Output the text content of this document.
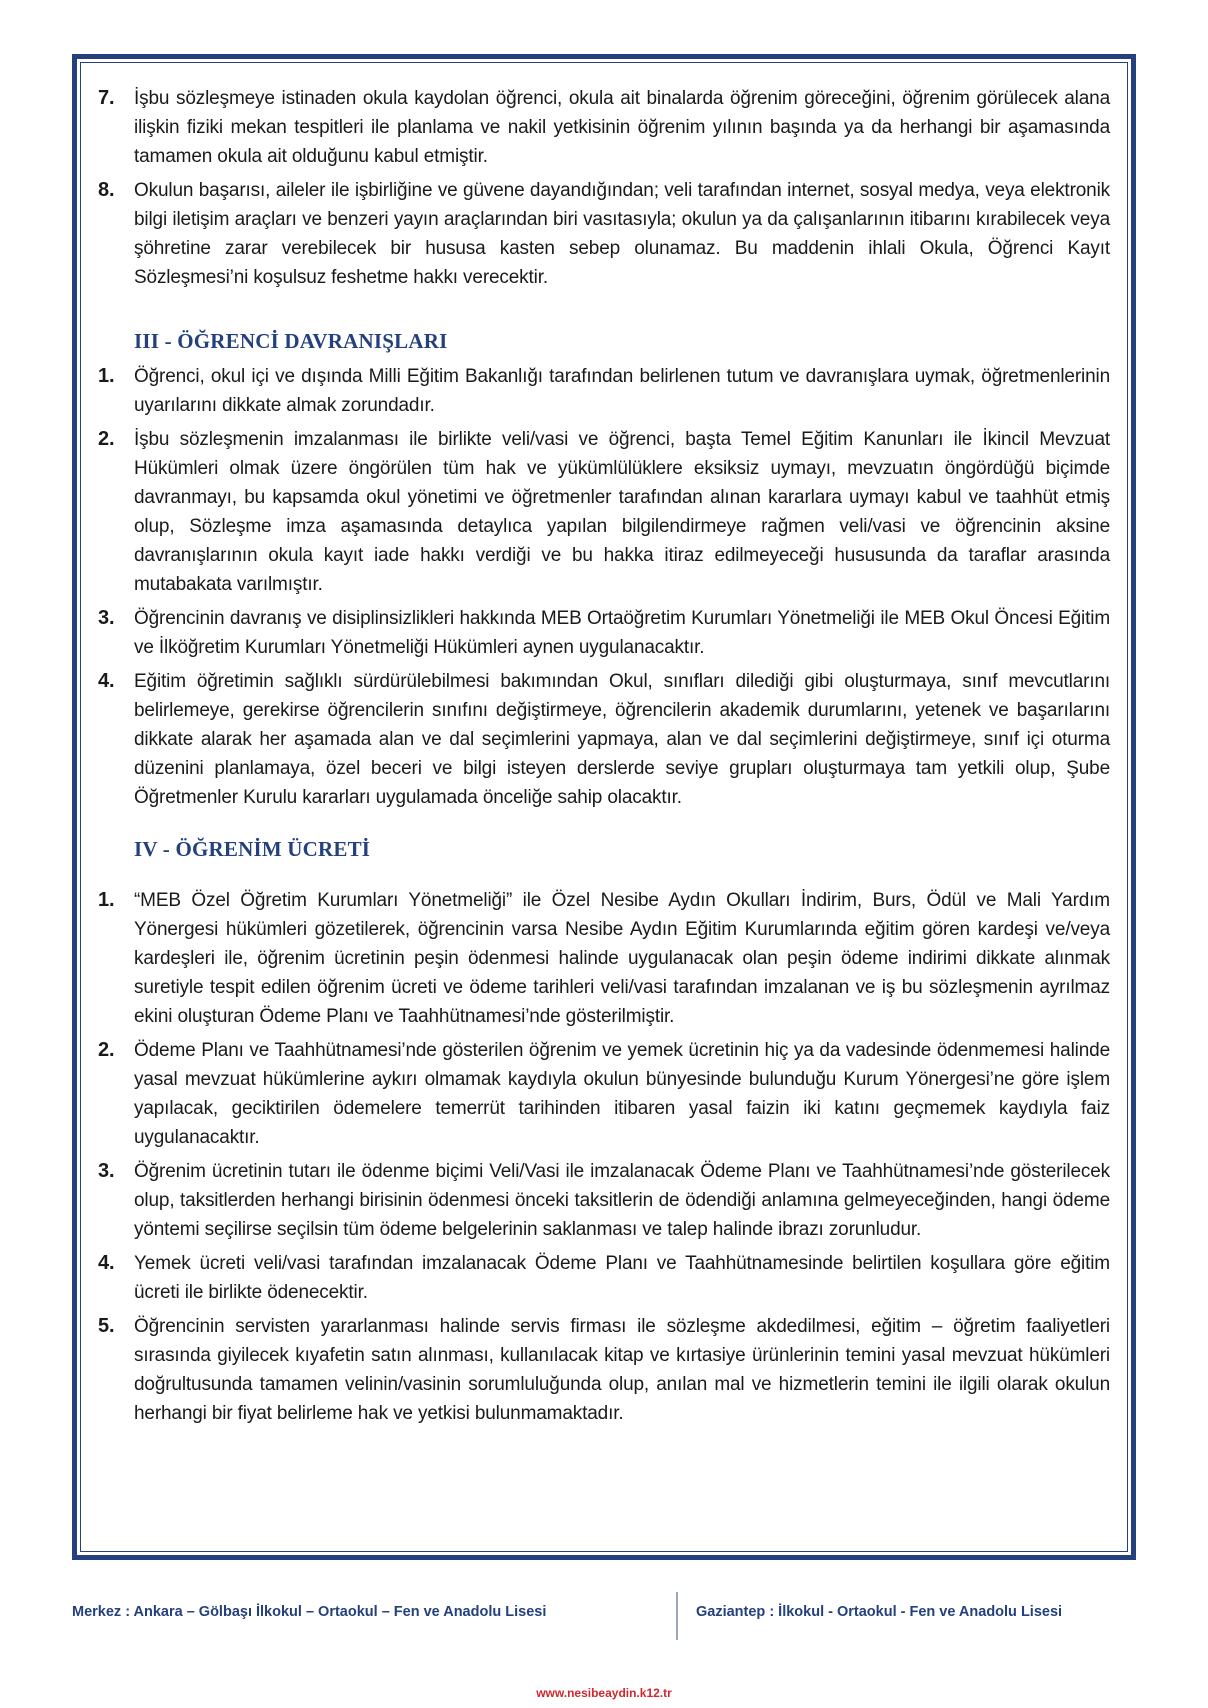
7.	İşbu sözleşmeye istinaden okula kaydolan öğrenci, okula ait binalarda öğrenim göreceğini, öğrenim görülecek alana ilişkin fiziki mekan tespitleri ile planlama ve nakil yetkisinin öğrenim yılının başında ya da herhangi bir aşamasında tamamen okula ait olduğunu kabul etmiştir.
8.	Okulun başarısı, aileler ile işbirliğine ve güvene dayandığından; veli tarafından internet, sosyal medya, veya elektronik bilgi iletişim araçları ve benzeri yayın araçlarından biri vasıtasıyla; okulun ya da çalışanlarının itibarını kırabilecek veya şöhretine zarar verebilecek bir hususa kasten sebep olunamaz. Bu maddenin ihlali Okula, Öğrenci Kayıt Sözleşmesi’ni koşulsuz feshetme hakkı verecektir.
III - ÖĞRENCİ DAVRANIŞLARI
1.	Öğrenci, okul içi ve dışında Milli Eğitim Bakanlığı tarafından belirlenen tutum ve davranışlara uymak, öğretmenlerinin uyarılarını dikkate almak zorundadır.
2.	İşbu sözleşmenin imzalanması ile birlikte veli/vasi ve öğrenci, başta Temel Eğitim Kanunları ile İkincil Mevzuat Hükümleri olmak üzere öngörülen tüm hak ve yükümlülüklere eksiksiz uymayı, mevzuatın öngördüğü biçimde davranmayı, bu kapsamda okul yönetimi ve öğretmenler tarafından alınan kararlara uymayı kabul ve taahhüt etmiş olup, Sözleşme imza aşamasında detaylıca yapılan bilgilendirmeye rağmen veli/vasi ve öğrencinin aksine davranışlarının okula kayıt iade hakkı verdiği ve bu hakka itiraz edilmeyeceği hususunda da taraflar arasında mutabakata varılmıştır.
3.	Öğrencinin davranış ve disiplinsizlikleri hakkında MEB Ortaöğretim Kurumları Yönetmeliği ile MEB Okul Öncesi Eğitim ve İlköğretim Kurumları Yönetmeliği Hükümleri aynen uygulanacaktır.
4.	Eğitim öğretimin sağlıklı sürdürülebilmesi bakımından Okul, sınıfları dilediği gibi oluşturmaya, sınıf mevcutlarını belirlemeye, gerekirse öğrencilerin sınıfını değiştirmeye, öğrencilerin akademik durumlarını, yetenek ve başarılarını dikkate alarak her aşamada alan ve dal seçimlerini yapmaya, alan ve dal seçimlerini değiştirmeye, sınıf içi oturma düzenini planlamaya, özel beceri ve bilgi isteyen derslerde seviye grupları oluşturmaya tam yetkili olup, Şube Öğretmenler Kurulu kararları uygulamada önceliğe sahip olacaktır.
IV - ÖĞRENİM ÜCRETİ
1.	“MEB Özel Öğretim Kurumları Yönetmeliği” ile Özel Nesibe Aydın Okulları İndirim, Burs, Ödül ve Mali Yardım Yönergesi hükümleri gözetilerek, öğrencinin varsa Nesibe Aydın Eğitim Kurumlarında eğitim gören kardeşi ve/veya kardeşleri ile, öğrenim ücretinin peşin ödenmesi halinde uygulanacak olan peşin ödeme indirimi dikkate alınmak suretiyle tespit edilen öğrenim ücreti ve ödeme tarihleri veli/vasi tarafından imzalanan ve iş bu sözleşmenin ayrılmaz ekini oluşturan Ödeme Planı ve Taahhütnamesi’nde gösterilmiştir.
2.	Ödeme Planı ve Taahhütnamesi’nde gösterilen öğrenim ve yemek ücretinin hiç ya da vadesinde ödenmemesi halinde yasal mevzuat hükümlerine aykırı olmamak kaydıyla okulun bünyesinde bulunduğu Kurum Yönergesi’ne göre işlem yapılacak, geciktirilen ödemelere temerrüt tarihinden itibaren yasal faizin iki katını geçmemek kaydıyla faiz uygulanacaktır.
3.	Öğrenim ücretinin tutarı ile ödenme biçimi Veli/Vasi ile imzalanacak Ödeme Planı ve Taahhütnamesi’nde gösterilecek olup, taksitlerden herhangi birisinin ödenmesi önceki taksitlerin de ödendiği anlamına gelmeyeceğinden, hangi ödeme yöntemi seçilirse seçilsin tüm ödeme belgelerinin saklanması ve talep halinde ibrazı zorunludur.
4.	Yemek ücreti veli/vasi tarafından imzalanacak Ödeme Planı ve Taahhütnamesinde belirtilen koşullara göre eğitim ücreti ile birlikte ödenecektir.
5.	Öğrencinin servisten yararlanması halinde servis firması ile sözleşme akdedilmesi, eğitim – öğretim faaliyetleri sırasında giyilecek kıyafetin satın alınması, kullanılacak kitap ve kırtasiye ürünlerinin temini yasal mevzuat hükümleri doğrultusunda tamamen velinin/vasinin sorumluluğunda olup, anılan mal ve hizmetlerin temini ile ilgili olarak okulun herhangi bir fiyat belirleme hak ve yetkisi bulunmamaktadır.
Merkez : Ankara – Gölbaşı İlkokul – Ortaokul – Fen ve Anadolu Lisesi	Gaziantep : İlkokul - Ortaokul - Fen ve Anadolu Lisesi
www.nesibeaydin.k12.tr
